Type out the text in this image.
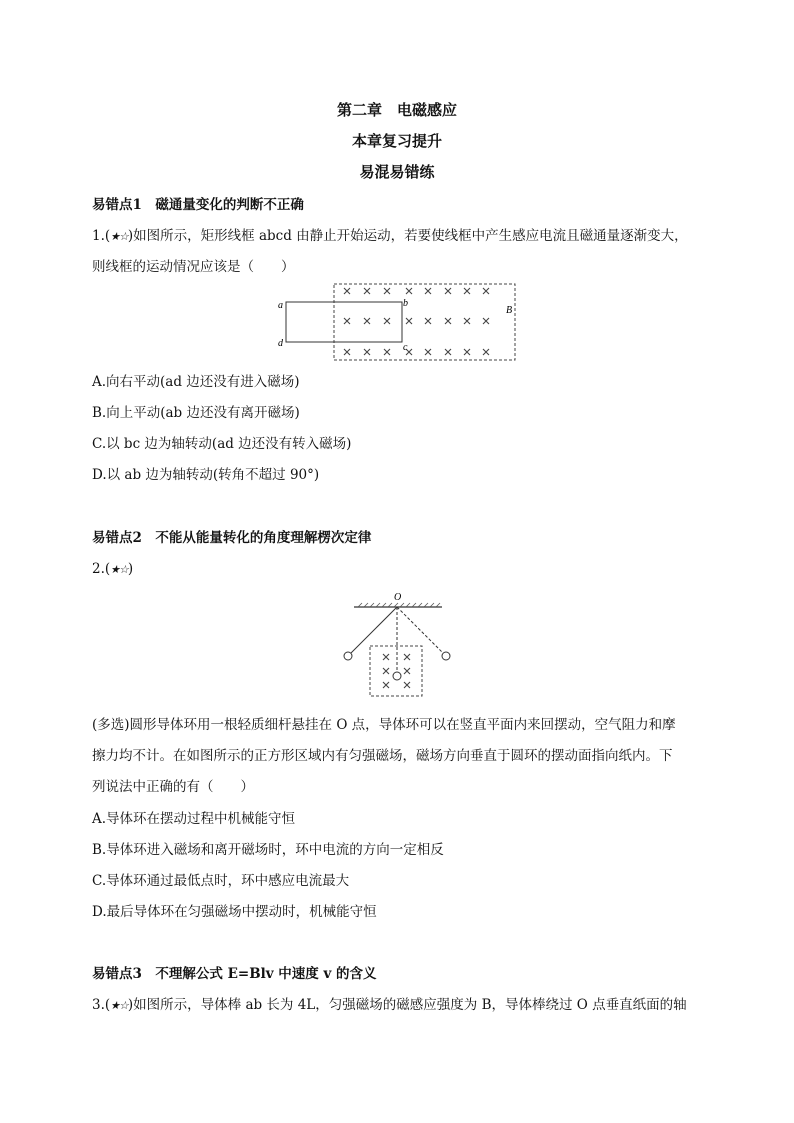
第二章　电磁感应
本章复习提升
易混易错练
易错点1　磁通量变化的判断不正确
1.(★☆)如图所示，矩形线框 abcd 由静止开始运动，若要使线框中产生感应电流且磁通量逐渐变大，
则线框的运动情况应该是（　　）
a	b
c
d
B
A.向右平动(ad 边还没有进入磁场)
B.向上平动(ab 边还没有离开磁场)
C.以 bc 边为轴转动(ad 边还没有转入磁场)
D.以 ab 边为轴转动(转角不超过 90°)
易错点2　不能从能量转化的角度理解楞次定律
2.(★☆)
O
(多选)圆形导体环用一根轻质细杆悬挂在 O 点，导体环可以在竖直平面内来回摆动，空气阻力和摩
擦力均不计。在如图所示的正方形区域内有匀强磁场，磁场方向垂直于圆环的摆动面指向纸内。下
列说法中正确的有（　　）
A.导体环在摆动过程中机械能守恒
B.导体环进入磁场和离开磁场时，环中电流的方向一定相反
C.导体环通过最低点时，环中感应电流最大
D.最后导体环在匀强磁场中摆动时，机械能守恒
易错点3　不理解公式 E=Blv 中速度 v 的含义
3.(★☆)如图所示，导体棒 ab 长为 4L，匀强磁场的磁感应强度为 B，导体棒绕过 O 点垂直纸面的轴
